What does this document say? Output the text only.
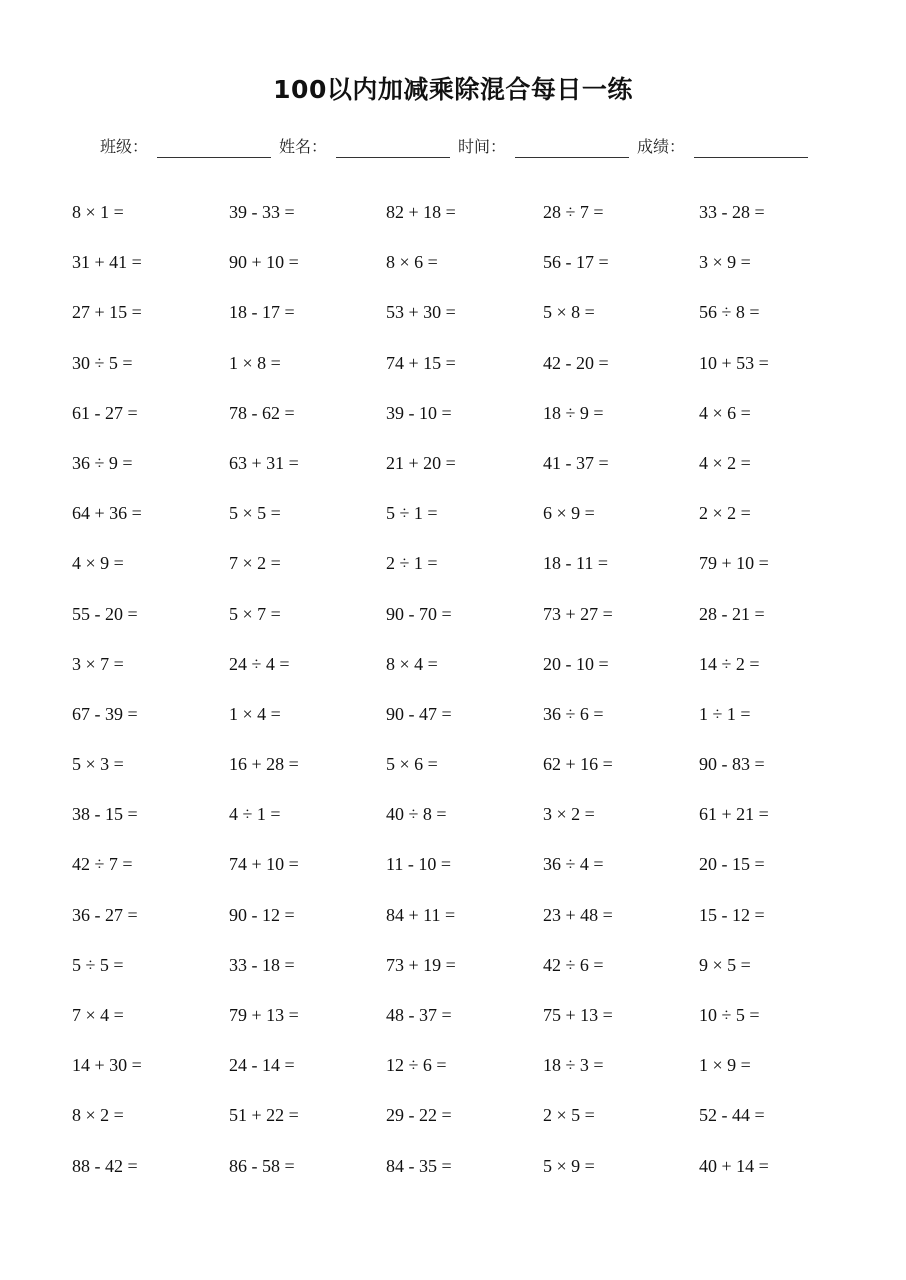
100以内加减乘除混合每日一练
班级：	姓名：	时间：	成绩：
8 × 1 =	39 - 33 =	82 + 18 =	28 ÷ 7 =	33 - 28 =
31 + 41 =	90 + 10 =	8 × 6 =	56 - 17 =	3 × 9 =
27 + 15 =	18 - 17 =	53 + 30 =	5 × 8 =	56 ÷ 8 =
30 ÷ 5 =	1 × 8 =	74 + 15 =	42 - 20 =	10 + 53 =
61 - 27 =	78 - 62 =	39 - 10 =	18 ÷ 9 =	4 × 6 =
36 ÷ 9 =	63 + 31 =	21 + 20 =	41 - 37 =	4 × 2 =
64 + 36 =	5 × 5 =	5 ÷ 1 =	6 × 9 =	2 × 2 =
4 × 9 =	7 × 2 =	2 ÷ 1 =	18 - 11 =	79 + 10 =
55 - 20 =	5 × 7 =	90 - 70 =	73 + 27 =	28 - 21 =
3 × 7 =	24 ÷ 4 =	8 × 4 =	20 - 10 =	14 ÷ 2 =
67 - 39 =	1 × 4 =	90 - 47 =	36 ÷ 6 =	1 ÷ 1 =
5 × 3 =	16 + 28 =	5 × 6 =	62 + 16 =	90 - 83 =
38 - 15 =	4 ÷ 1 =	40 ÷ 8 =	3 × 2 =	61 + 21 =
42 ÷ 7 =	74 + 10 =	11 - 10 =	36 ÷ 4 =	20 - 15 =
36 - 27 =	90 - 12 =	84 + 11 =	23 + 48 =	15 - 12 =
5 ÷ 5 =	33 - 18 =	73 + 19 =	42 ÷ 6 =	9 × 5 =
7 × 4 =	79 + 13 =	48 - 37 =	75 + 13 =	10 ÷ 5 =
14 + 30 =	24 - 14 =	12 ÷ 6 =	18 ÷ 3 =	1 × 9 =
8 × 2 =	51 + 22 =	29 - 22 =	2 × 5 =	52 - 44 =
88 - 42 =	86 - 58 =	84 - 35 =	5 × 9 =	40 + 14 =
